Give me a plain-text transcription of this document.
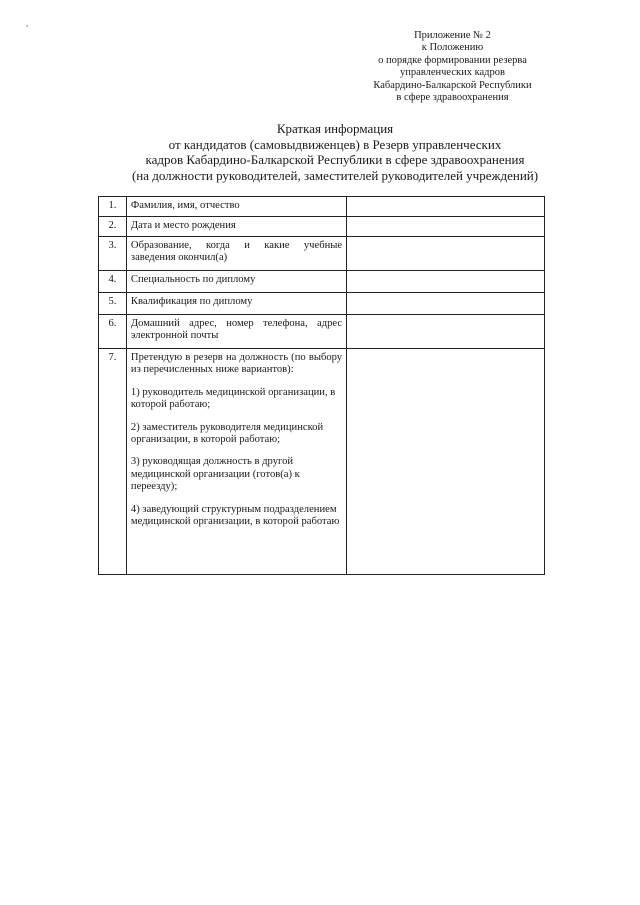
,
Приложение № 2
к Положению
о порядке формировании резерва
управленческих кадров
Кабардино-Балкарской Республики
в сфере здравоохранения
Краткая информация
от кандидатов (самовыдвиженцев) в Резерв управленческих
кадров Кабардино-Балкарской Республики в сфере здравоохранения
(на должности руководителей, заместителей руководителей учреждений)
1.	Фамилия, имя, отчество	
2.	Дата и место рождения	
3.	Образование, когда и какие учебные заведения окончил(а)	
4.	Специальность по диплому	
5.	Квалификация по диплому	
6.	Домашний адрес, номер телефона, адрес электронной почты	
7.	Претендую в резерв на должность (по выбору из перечисленных ниже вариантов):
1) руководитель медицинской организации, в которой работаю;
2) заместитель руководителя медицинской организации, в которой работаю;
3) руководящая должность в другой медицинской организации (готов(а) к переезду);
4) заведующий структурным подразделением медицинской организации, в которой работаю	
